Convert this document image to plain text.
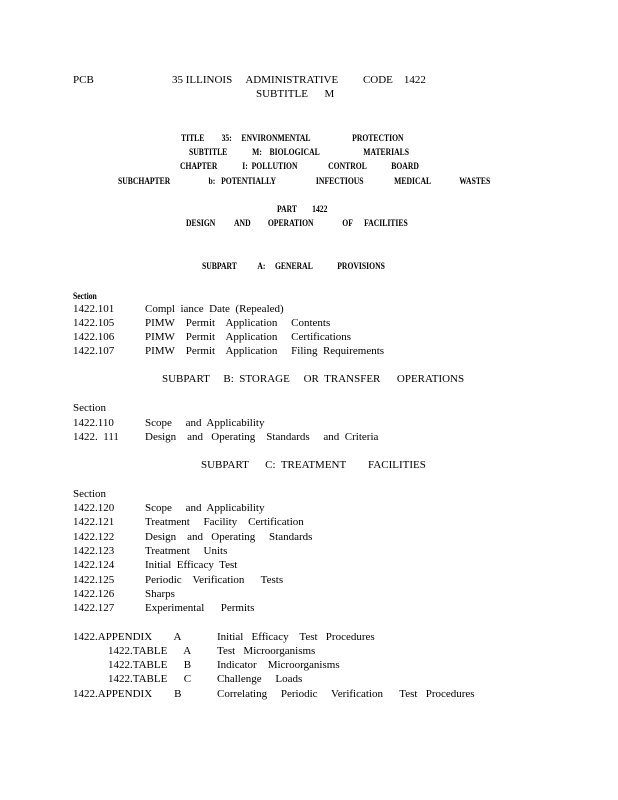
PCB	35 ILLINOIS     ADMINISTRATIVE         CODE    1422
SUBTITLE      M
TITLE         35:     ENVIRONMENTAL                      PROTECTION
SUBTITLE             M:    BIOLOGICAL                       MATERIALS
CHAPTER             I:  POLLUTION                CONTROL             BOARD
SUBCHAPTER                    b:   POTENTIALLY                     INFECTIOUS                MEDICAL               WASTES
PART        1422
DESIGN          AND         OPERATION               OF      FACILITIES
SUBPART           A:     GENERAL             PROVISIONS
Section
1422.101	Compl  iance  Date  (Repealed)
1422.105	PIMW    Permit    Application     Contents
1422.106	PIMW    Permit    Application     Certifications
1422.107	PIMW    Permit    Application     Filing  Requirements
SUBPART     B:  STORAGE     OR  TRANSFER      OPERATIONS
Section
1422.110	Scope     and  Applicability
1422.  111 Design    and   Operating    Standards     and  Criteria
SUBPART      C:  TREATMENT        FACILITIES
Section
1422.120	Scope     and  Applicability
1422.121	Treatment     Facility    Certification
1422.122	Design    and   Operating     Standards
1422.123	Treatment     Units
1422.124	Initial  Efficacy  Test
1422.125	Periodic    Verification      Tests
1422.126	Sharps
1422.127	Experimental      Permits
1422.APPENDIX        A	Initial   Efficacy    Test   Procedures
1422.TABLE      A Test   Microorganisms
1422.TABLE      B Indicator    Microorganisms
1422.TABLE      C Challenge     Loads
1422.APPENDIX        B	Correlating     Periodic     Verification      Test   Procedures
